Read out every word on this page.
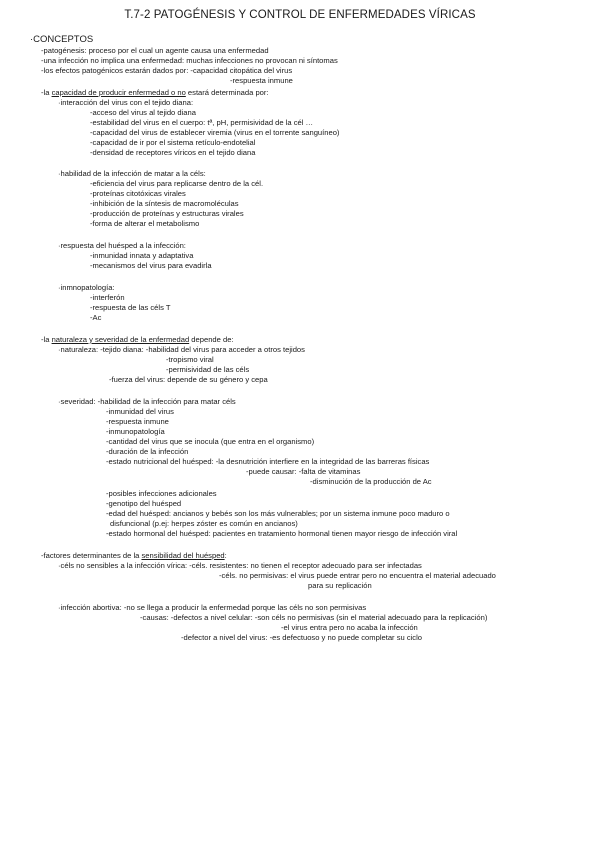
T.7-2 PATOGÉNESIS Y CONTROL DE ENFERMEDADES VÍRICAS
·CONCEPTOS
-patogénesis: proceso por el cual un agente causa una enfermedad
-una infección no implica una enfermedad: muchas infecciones no provocan ni síntomas
-los efectos patogénicos estarán dados por: -capacidad citopática del virus
-respuesta inmune
-la capacidad de producir enfermedad o no estará determinada por:
·interacción del virus con el tejido diana:
-acceso del virus al tejido diana
-estabilidad del virus en el cuerpo: tª, pH, permisividad de la cél …
-capacidad del virus de establecer viremia (virus en el torrente sanguíneo)
-capacidad de ir por el sistema retículo-endotelial
-densidad de receptores víricos en el tejido diana
·habilidad de la infección de matar a la céls:
-eficiencia del virus para replicarse dentro de la cél.
-proteínas citotóxicas virales
-inhibición de la síntesis de macromoléculas
-producción de proteínas y estructuras virales
-forma de alterar el metabolismo
·respuesta del huésped a la infección:
-inmunidad innata y adaptativa
-mecanismos del virus para evadirla
·inmnopatología:
-interferón
-respuesta de las céls T
-Ac
-la naturaleza y severidad de la enfermedad depende de:
·naturaleza: -tejido diana: -habilidad del virus para acceder a otros tejidos
-tropismo viral
-permisividad de las céls
-fuerza del virus: depende de su género y cepa
·severidad: -habilidad de la infección para matar céls
-inmunidad del virus
-respuesta inmune
-inmunopatología
-cantidad del virus que se inocula (que entra en el organismo)
-duración de la infección
-estado nutricional del huésped: -la desnutrición interfiere en la integridad de las barreras físicas
-puede causar: -falta de vitaminas
-disminución de la producción de Ac
-posibles infecciones adicionales
-genotipo del huésped
-edad del huésped: ancianos y bebés son los más vulnerables; por un sistema inmune poco maduro o
disfuncional (p.ej: herpes zóster es común en ancianos)
-estado hormonal del huésped: pacientes en tratamiento hormonal tienen mayor riesgo de infección viral
-factores determinantes de la sensibilidad del huésped:
·céls no sensibles a la infección vírica: -céls. resistentes: no tienen el receptor adecuado para ser infectadas
-céls. no permisivas: el virus puede entrar pero no encuentra el material adecuado
para su replicación
·infección abortiva: -no se llega a producir la enfermedad porque las céls no son permisivas
-causas: -defectos a nivel celular: -son céls no permisivas (sin el material adecuado para la replicación)
-el virus entra pero no acaba la infección
-defector a nivel del virus: -es defectuoso y no puede completar su ciclo
